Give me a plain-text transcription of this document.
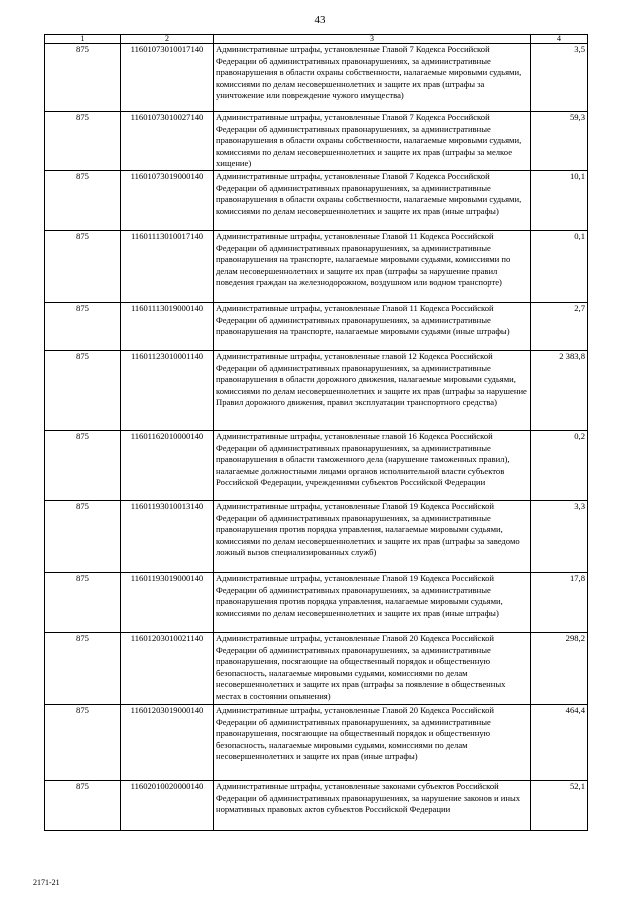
43
1	2	3	4
875	11601073010017140	Административные штрафы, установленные Главой 7 Кодекса Российской Федерации об административных правонарушениях, за административные правонарушения в области охраны собственности, налагаемые мировыми судьями, комиссиями по делам несовершеннолетних и защите их прав (штрафы за уничтожение или повреждение чужого имущества)	3,5
875	11601073010027140	Административные штрафы, установленные Главой 7 Кодекса Российской Федерации об административных правонарушениях, за административные правонарушения в области охраны собственности, налагаемые мировыми судьями, комиссиями по делам несовершеннолетних и защите их прав (штрафы за мелкое хищение)	59,3
875	11601073019000140	Административные штрафы, установленные Главой 7 Кодекса Российской Федерации об административных правонарушениях, за административные правонарушения в области охраны собственности, налагаемые мировыми судьями, комиссиями по делам несовершеннолетних и защите их прав (иные штрафы)	10,1
875	11601113010017140	Административные штрафы, установленные Главой 11 Кодекса Российской Федерации об административных правонарушениях, за административные правонарушения на транспорте, налагаемые мировыми судьями, комиссиями по делам несовершеннолетних и защите их прав (штрафы за нарушение правил поведения граждан на железнодорожном, воздушном или водном транспорте)	0,1
875	11601113019000140	Административные штрафы, установленные Главой 11 Кодекса Российской Федерации об административных правонарушениях, за административные правонарушения на транспорте, налагаемые мировыми судьями (иные штрафы)	2,7
875	11601123010001140	Административные штрафы, установленные главой 12 Кодекса Российской Федерации об административных правонарушениях, за административные правонарушения в области дорожного движения, налагаемые мировыми судьями, комиссиями по делам несовершеннолетних и защите их прав (штрафы за нарушение Правил дорожного движения, правил эксплуатации транспортного средства)	2 383,8
875	11601162010000140	Административные штрафы, установленные главой 16 Кодекса Российской Федерации об административных правонарушениях, за административные правонарушения в области таможенного дела (нарушение таможенных правил), налагаемые должностными лицами органов исполнительной власти субъектов Российской Федерации, учреждениями субъектов Российской Федерации	0,2
875	11601193010013140	Административные штрафы, установленные Главой 19 Кодекса Российской Федерации об административных правонарушениях, за административные правонарушения против порядка управления, налагаемые мировыми судьями, комиссиями по делам несовершеннолетних и защите их прав (штрафы за заведомо ложный вызов специализированных служб)	3,3
875	11601193019000140	Административные штрафы, установленные Главой 19 Кодекса Российской Федерации об административных правонарушениях, за административные правонарушения против порядка управления, налагаемые мировыми судьями, комиссиями по делам несовершеннолетних и защите их прав (иные штрафы)	17,8
875	11601203010021140	Административные штрафы, установленные Главой 20 Кодекса Российской Федерации об административных правонарушениях, за административные правонарушения, посягающие на общественный порядок и общественную безопасность, налагаемые мировыми судьями, комиссиями по делам несовершеннолетних и защите их прав (штрафы за появление в общественных местах в состоянии опьянения)	298,2
875	11601203019000140	Административные штрафы, установленные Главой 20 Кодекса Российской Федерации об административных правонарушениях, за административные правонарушения, посягающие на общественный порядок и общественную безопасность, налагаемые мировыми судьями, комиссиями по делам несовершеннолетних и защите их прав (иные штрафы)	464,4
875	11602010020000140	Административные штрафы, установленные законами субъектов Российской Федерации об административных правонарушениях, за нарушение законов и иных нормативных правовых актов субъектов Российской Федерации	52,1
2171-21
